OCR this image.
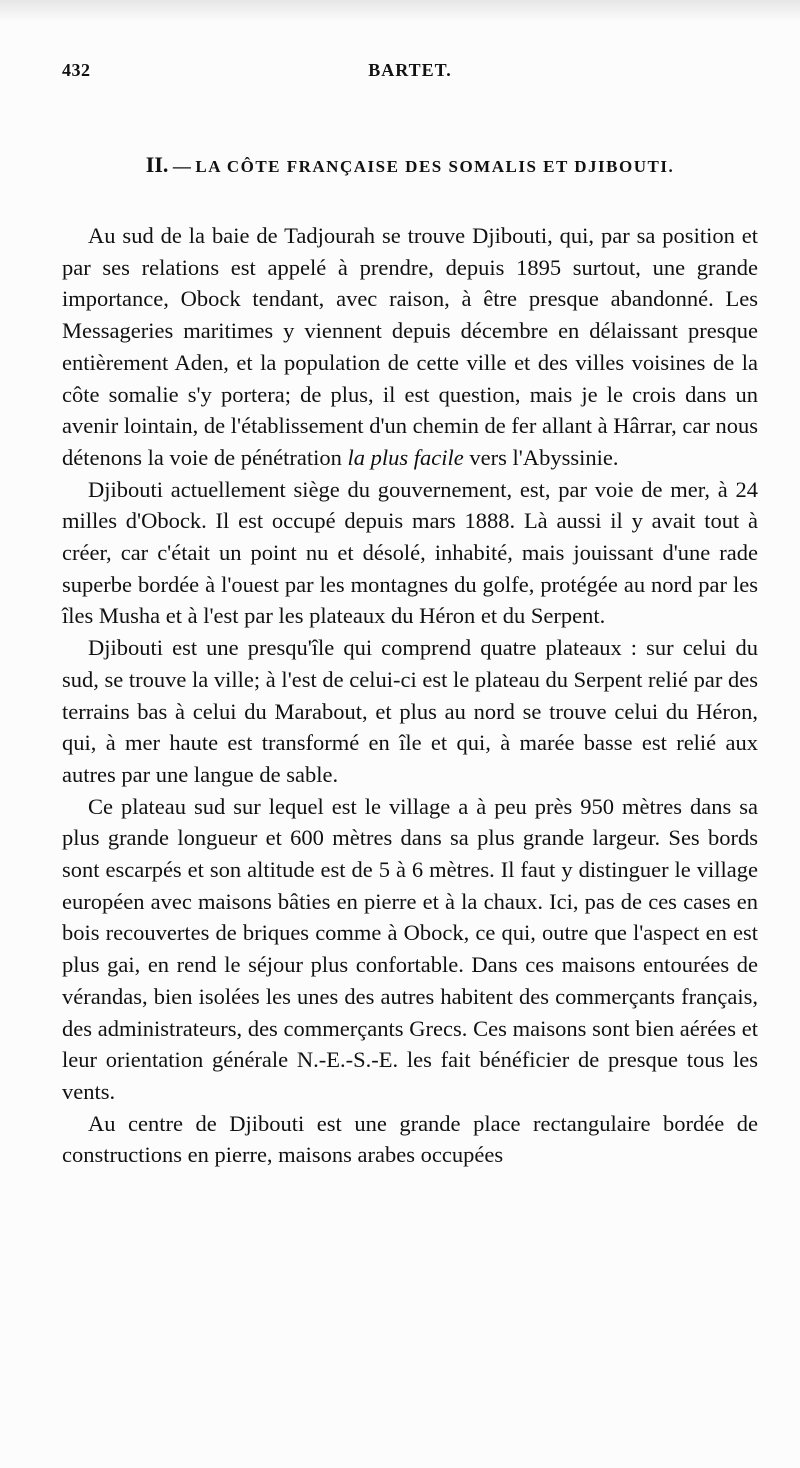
432	BARTET.
II. — LA CÔTE FRANÇAISE DES SOMALIS ET DJIBOUTI.

Au sud de la baie de Tadjourah se trouve Djibouti, qui, par sa position et par ses relations est appelé à prendre, depuis 1895 surtout, une grande importance, Obock tendant, avec raison, à être presque abandonné. Les Messageries maritimes y viennent depuis décembre en délaissant presque entièrement Aden, et la population de cette ville et des villes voisines de la côte somalie s'y portera; de plus, il est question, mais je le crois dans un avenir lointain, de l'établissement d'un chemin de fer allant à Hârrar, car nous détenons la voie de pénétration la plus facile vers l'Abyssinie.

Djibouti actuellement siège du gouvernement, est, par voie de mer, à 24 milles d'Obock. Il est occupé depuis mars 1888. Là aussi il y avait tout à créer, car c'était un point nu et désolé, inhabité, mais jouissant d'une rade superbe bordée à l'ouest par les montagnes du golfe, protégée au nord par les îles Musha et à l'est par les plateaux du Héron et du Serpent.

Djibouti est une presqu'île qui comprend quatre plateaux : sur celui du sud, se trouve la ville; à l'est de celui-ci est le plateau du Serpent relié par des terrains bas à celui du Marabout, et plus au nord se trouve celui du Héron, qui, à mer haute est transformé en île et qui, à marée basse est relié aux autres par une langue de sable.

Ce plateau sud sur lequel est le village a à peu près 950 mètres dans sa plus grande longueur et 600 mètres dans sa plus grande largeur. Ses bords sont escarpés et son altitude est de 5 à 6 mètres. Il faut y distinguer le village européen avec maisons bâties en pierre et à la chaux. Ici, pas de ces cases en bois recouvertes de briques comme à Obock, ce qui, outre que l'aspect en est plus gai, en rend le séjour plus confortable. Dans ces maisons entourées de vérandas, bien isolées les unes des autres habitent des commerçants français, des administrateurs, des commerçants Grecs. Ces maisons sont bien aérées et leur orientation générale N.-E.-S.-E. les fait bénéficier de presque tous les vents.

Au centre de Djibouti est une grande place rectangulaire bordée de constructions en pierre, maisons arabes occupées
